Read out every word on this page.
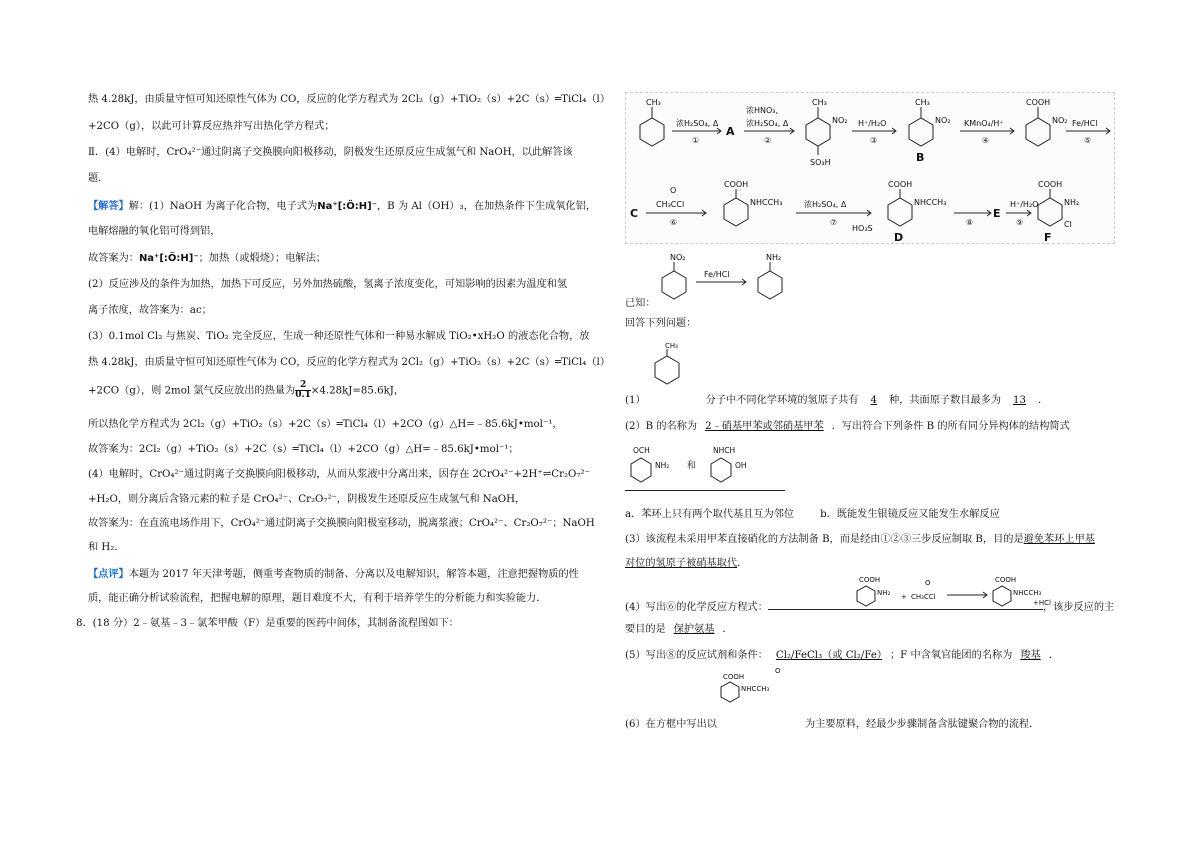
热 4.28kJ，由质量守恒可知还原性气体为 CO，反应的化学方程式为 2Cl₂（g）+TiO₂（s）+2C（s）═TiCl₄（l）
+2CO（g），以此可计算反应热并写出热化学方程式；
Ⅱ．(4）电解时，CrO₄²⁻通过阴离子交换膜向阳极移动，阴极发生还原反应生成氢气和 NaOH，以此解答该
题．
【解答】解：(1）NaOH 为离子化合物，电子式为Na⁺[:Ö:H]⁻，B 为 Al（OH）₃，在加热条件下生成氧化铝，
电解熔融的氧化铝可得到铝，
故答案为：Na⁺[:Ö:H]⁻；加热（或煅烧）；电解法；
(2）反应涉及的条件为加热，加热下可反应，另外加热硫酸，氢离子浓度变化，可知影响的因素为温度和氢
离子浓度，故答案为：ac；
(3）0.1mol Cl₂ 与焦炭、TiO₂ 完全反应，生成一种还原性气体和一种易水解成 TiO₂•xH₂O 的液态化合物，放
热 4.28kJ，由质量守恒可知还原性气体为 CO，反应的化学方程式为 2Cl₂（g）+TiO₂（s）+2C（s）═TiCl₄（l）
+2CO（g），则 2mol 氯气反应放出的热量为 $\frac{2}{0.1}\times 4.28kJ=85.6kJ$，
所以热化学方程式为 2Cl₂（g）+TiO₂（s）+2C（s）═TiCl₄（l）+2CO（g）△H=﹣85.6kJ•mol⁻¹，
故答案为：2Cl₂（g）+TiO₂（s）+2C（s）═TiCl₄（l）+2CO（g）△H=﹣85.6kJ•mol⁻¹；
(4）电解时，CrO₄²⁻通过阴离子交换膜向阳极移动，从而从浆液中分离出来，因存在 2CrO₄²⁻+2H⁺⇌Cr₂O₇²⁻
+H₂O，则分离后含铬元素的粒子是 CrO₄²⁻、Cr₂O₇²⁻，阴极发生还原反应生成氢气和 NaOH，
故答案为：在直流电场作用下，CrO₄²⁻通过阴离子交换膜向阳极室移动，脱离浆液；CrO₄²⁻、Cr₂O₇²⁻；NaOH
和 H₂．
【点评】本题为 2017 年天津考题，侧重考查物质的制备、分离以及电解知识，解答本题，注意把握物质的性
质，能正确分析试验流程，把握电解的原理，题目难度不大，有利于培养学生的分析能力和实验能力．
8．(18 分）2﹣氨基﹣3﹣氯苯甲酸（F）是重要的医药中间体，其制备流程图如下：
CH₃
浓H₂SO₄, Δ
①
A
浓HNO₃,
浓H₂SO₄, Δ
②
CH₃
NO₂
SO₃H
H⁺/H₂O
③
CH₃
NO₂
B
KMnO₄/H⁺
④
COOH
NO₂ Fe/HCl
⑤
C
O
CH₃CCl
⑥
COOH
NHCCH₃	浓H₂SO₄, Δ
⑦
COOH
NHCCH₃
HO₃S
D
⑧
E
H⁺/H₂O
⑨
COOH
NH₂
Cl
F
NO₂
Fe/HCl
NH₂
已知：
回答下列问题：
CH₃
(1）	分子中不同化学环境的氢原子共有 4 种，共面原子数目最多为 13 ．
(2）B 的名称为 2﹣硝基甲苯或邻硝基甲苯 ．写出符合下列条件 B 的所有同分异构体的结构简式
OCH
NH₂ 和
NHCH
OH
a．苯环上只有两个取代基且互为邻位	b．既能发生银镜反应又能发生水解反应
(3）该流程未采用甲苯直接硝化的方法制备 B，而是经由①②③三步反应制取 B，目的是避免苯环上甲基
对位的氢原子被硝基取代．
COOH
NH₂ +
O
CH₃CCl
COOH
NHCCH₃
+HCl
(4）写出⑥的化学反应方程式：	，该步反应的主
要目的是 保护氨基 ．
(5）写出⑧的反应试剂和条件： Cl₂/FeCl₃（或 Cl₂/Fe） ；F 中含氧官能团的名称为 羧基 ．
O
COOH
NHCCH₃
(6）在方框中写出以	为主要原料，经最少步骤制备含肽键聚合物的流程．
